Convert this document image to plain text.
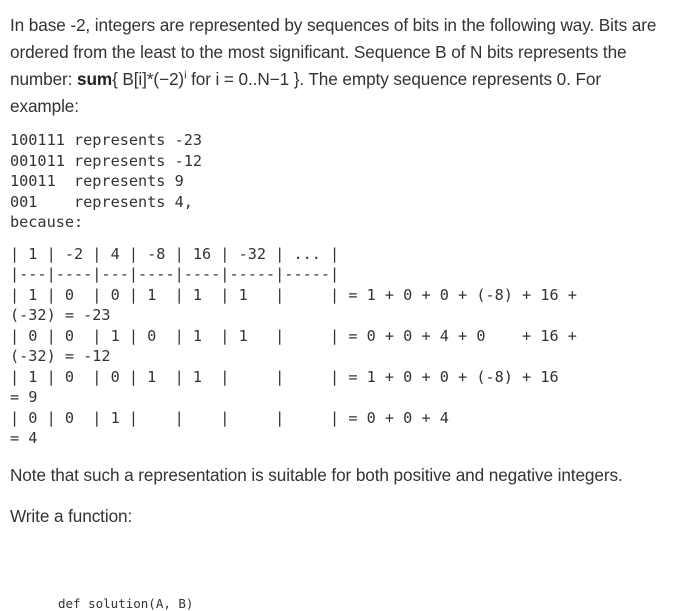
In base -2, integers are represented by sequences of bits in the following way. Bits are ordered from the least to the most significant. Sequence B of N bits represents the number: sum{ $B[i]*(-2)^i$ for i = 0..N−1 }. The empty sequence represents 0. For example:

100111 represents -23
001011 represents -12
10011  represents 9
001    represents 4,
because:
| 1 | -2 | 4 | -8 | 16 | -32 | ... |
|---|----|---|----|----|-----|-----|
| 1 | 0  | 0 | 1  | 1  | 1   |     | = 1 + 0 + 0 + (-8) + 16 +
(-32) = -23
| 0 | 0  | 1 | 0  | 1  | 1   |     | = 0 + 0 + 4 + 0    + 16 +
(-32) = -12
| 1 | 0  | 0 | 1  | 1  |     |     | = 1 + 0 + 0 + (-8) + 16
= 9
| 0 | 0  | 1 |    |    |     |     | = 0 + 0 + 4
= 4

Note that such a representation is suitable for both positive and negative integers.

Write a function:

def solution(A, B)
